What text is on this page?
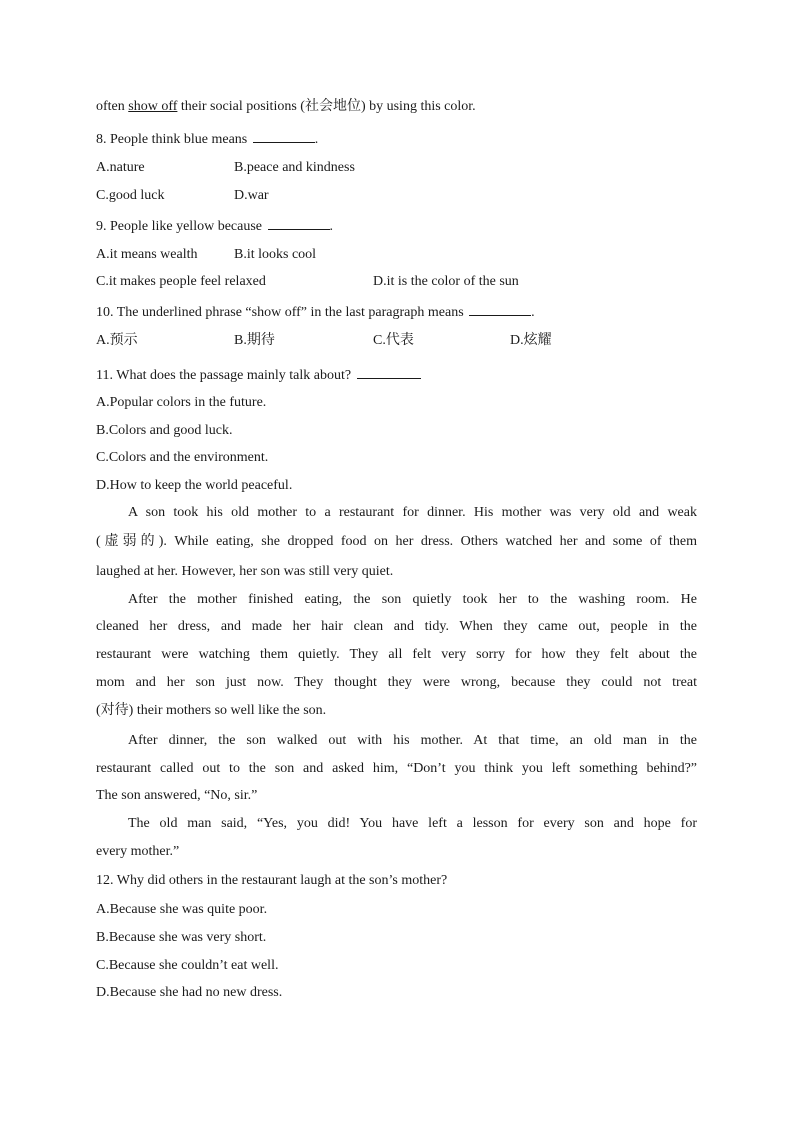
often show off their social positions (社会地位) by using this color.
8. People think blue means	.
A.nature	B.peace and kindness
C.good luck	D.war
9. People like yellow because	.
A.it means wealth	B.it looks cool
C.it makes people feel relaxed	D.it is the color of the sun
10. The underlined phrase “show off” in the last paragraph means	.
A.预示	B.期待	C.代表	D.炫耀
11. What does the passage mainly talk about?
A.Popular colors in the future.
B.Colors and good luck.
C.Colors and the environment.
D.How to keep the world peaceful.
A son took his old mother to a restaurant for dinner. His mother was very old and weak
(虚弱的). While eating, she dropped food on her dress. Others watched her and some of them
laughed at her. However, her son was still very quiet.
After the mother finished eating, the son quietly took her to the washing room. He
cleaned her dress, and made her hair clean and tidy. When they came out, people in the
restaurant were watching them quietly. They all felt very sorry for how they felt about the
mom and her son just now. They thought they were wrong, because they could not treat
(对待) their mothers so well like the son.
After dinner, the son walked out with his mother. At that time, an old man in the
restaurant called out to the son and asked him, “Don’t you think you left something behind?”
The son answered, “No, sir.”
The old man said, “Yes, you did! You have left a lesson for every son and hope for
every mother.”
12. Why did others in the restaurant laugh at the son’s mother?
A.Because she was quite poor.
B.Because she was very short.
C.Because she couldn’t eat well.
D.Because she had no new dress.
